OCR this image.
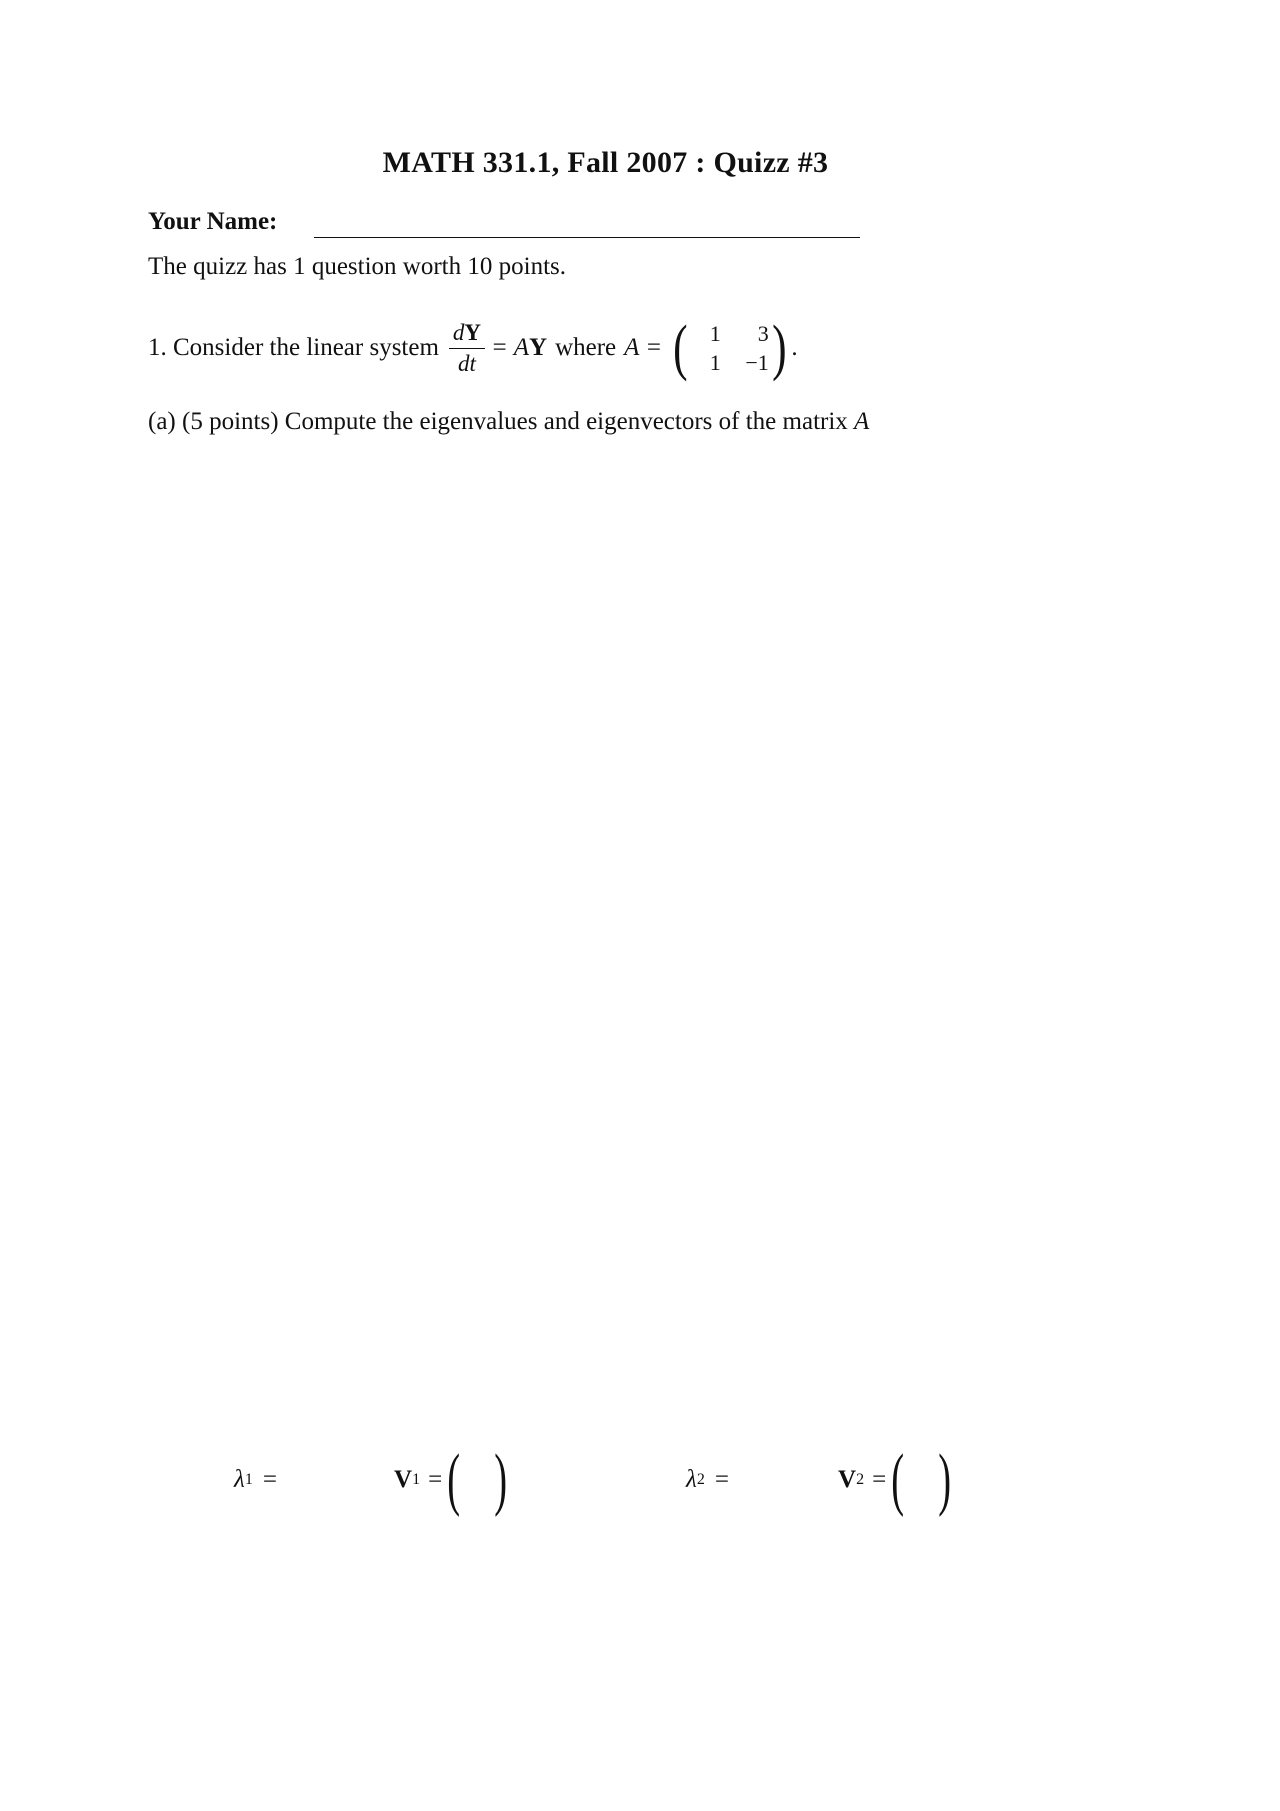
MATH 331.1, Fall 2007 : Quizz #3
Your Name:
The quizz has 1 question worth 10 points.
1. Consider the linear system $\frac{dY}{dt} = A$ Y where A = (	1	3
1	−1 ) .
(a) (5 points) Compute the eigenvalues and eigenvectors of the matrix A
λ 1 =	V 1 = ( )	λ 2 =	V 2 = ( )
